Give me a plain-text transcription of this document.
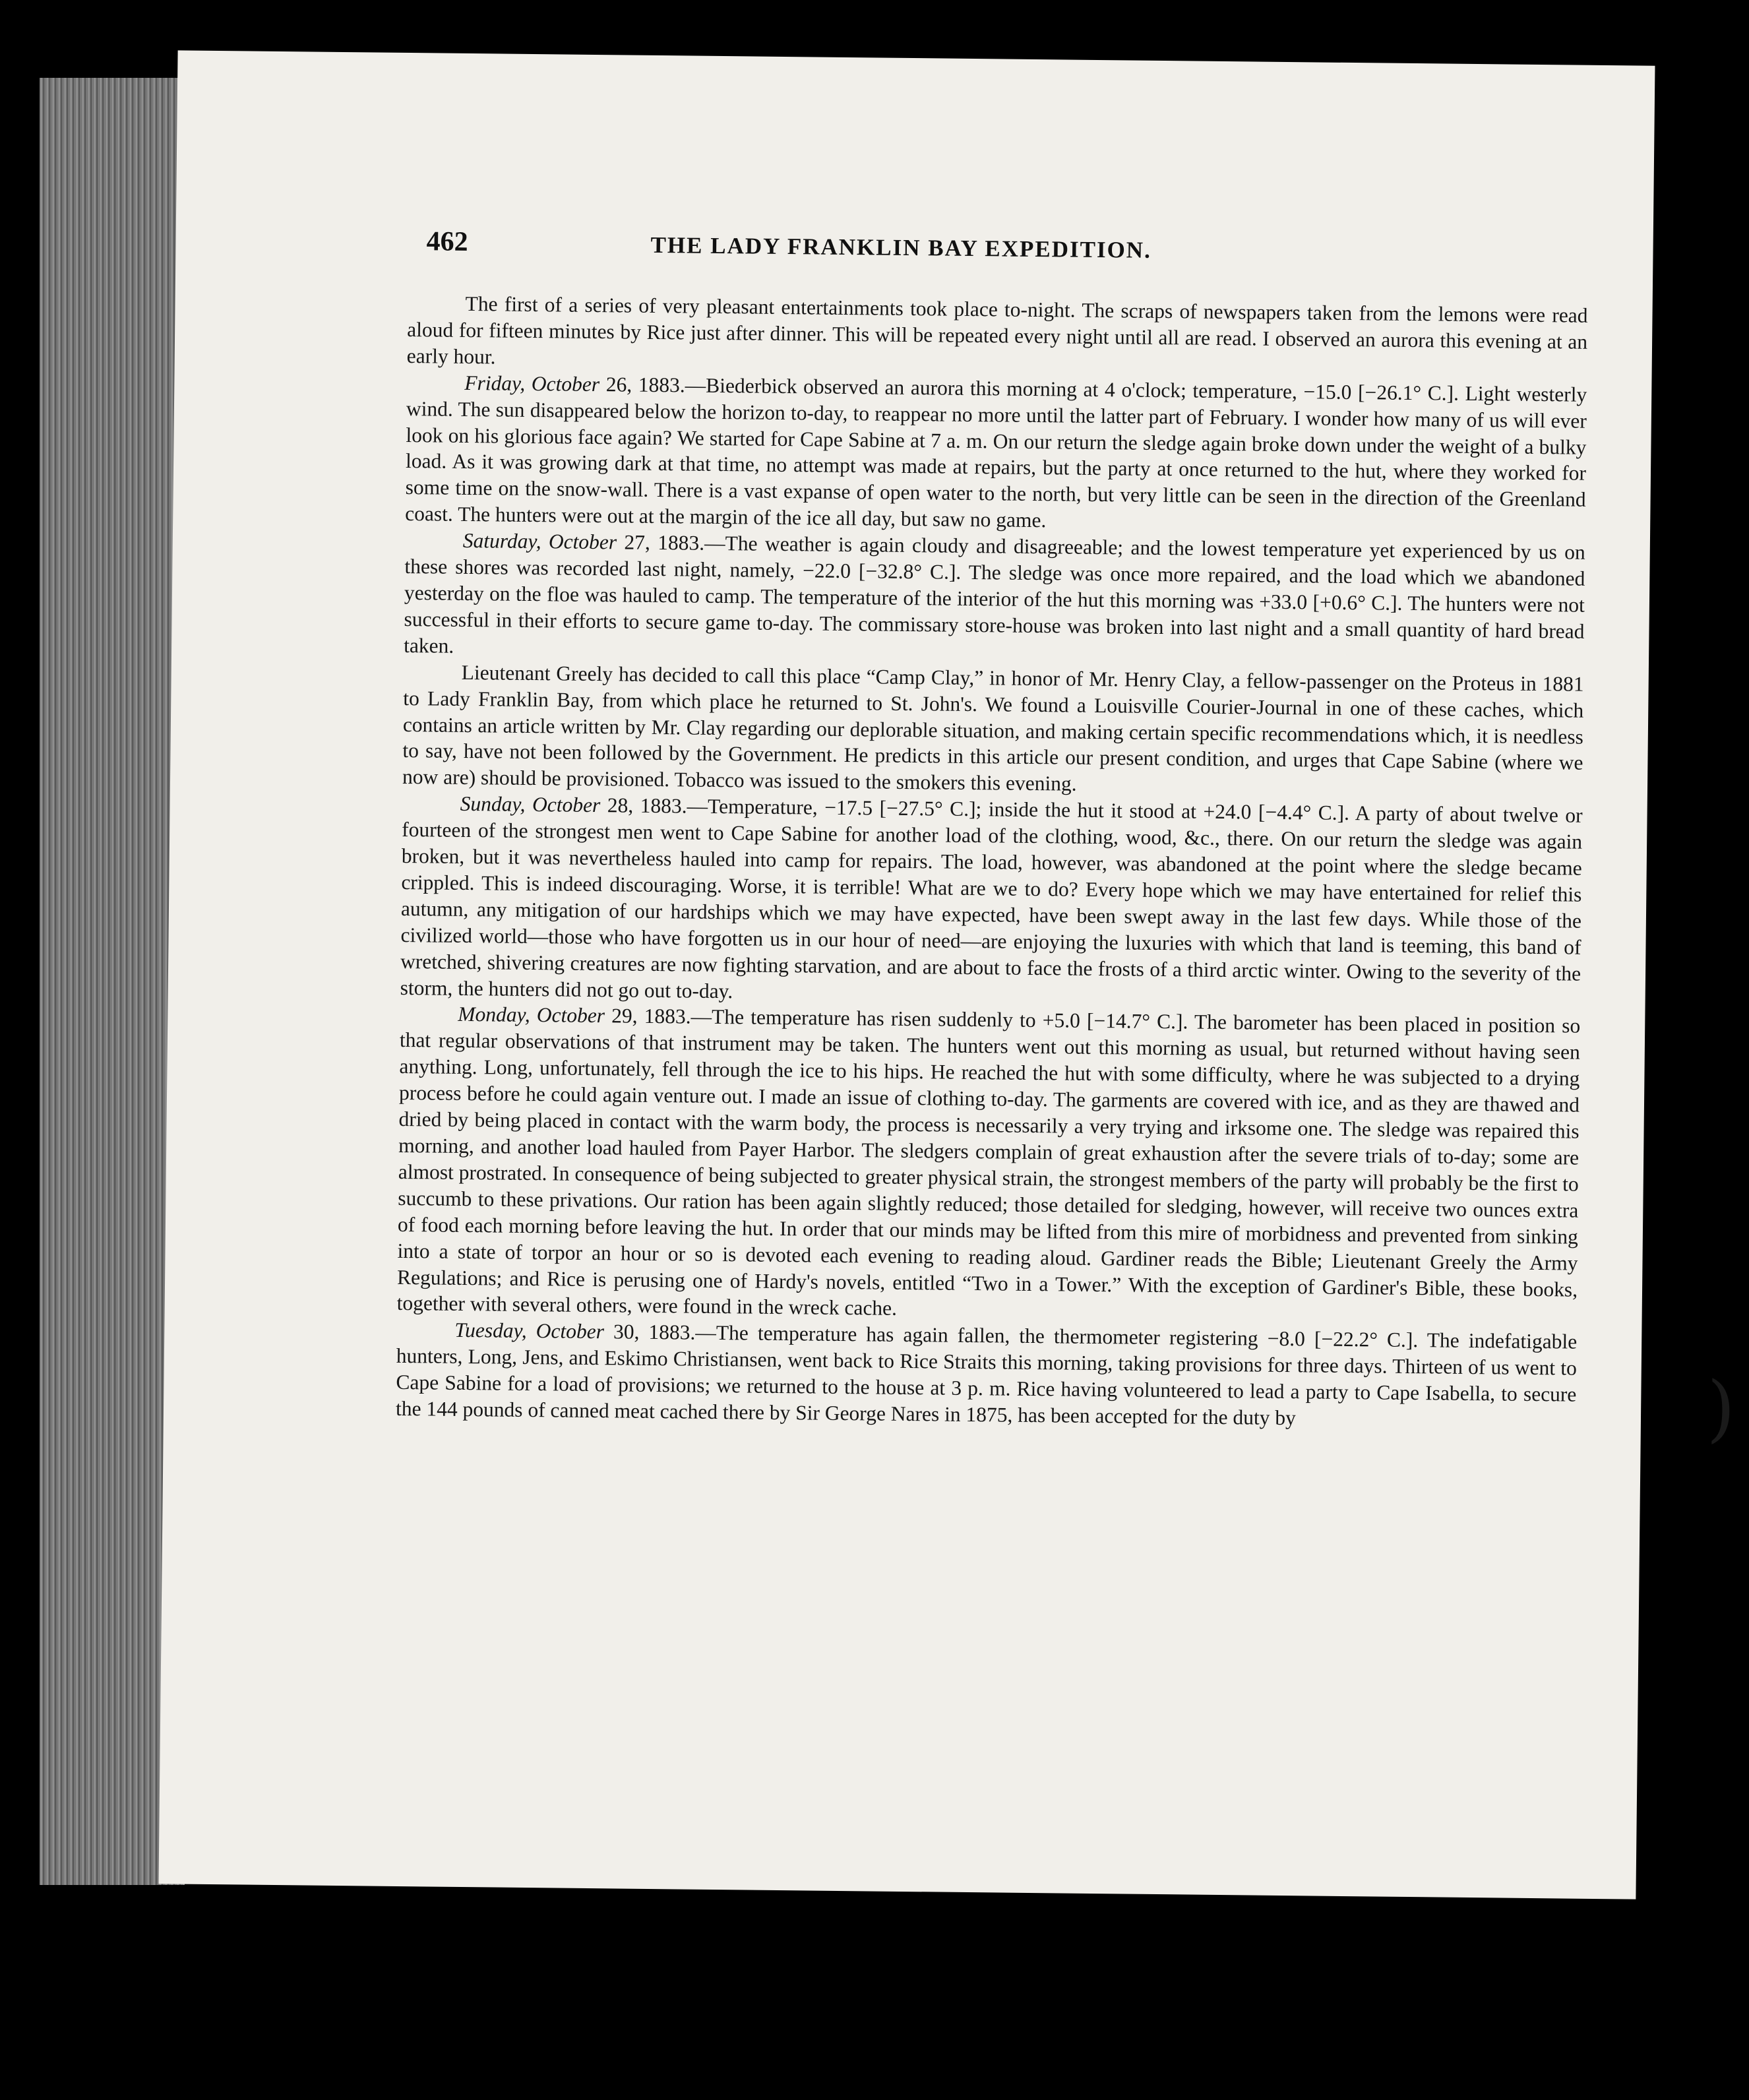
462	THE LADY FRANKLIN BAY EXPEDITION.

The first of a series of very pleasant entertainments took place to-night. The scraps of newspapers taken from the lemons were read aloud for fifteen minutes by Rice just after dinner. This will be repeated every night until all are read. I observed an aurora this evening at an early hour.

Friday, October 26, 1883.—Biederbick observed an aurora this morning at 4 o'clock; temperature, −15.0 [−26.1° C.]. Light westerly wind. The sun disappeared below the horizon to-day, to reappear no more until the latter part of February. I wonder how many of us will ever look on his glorious face again? We started for Cape Sabine at 7 a. m. On our return the sledge again broke down under the weight of a bulky load. As it was growing dark at that time, no attempt was made at repairs, but the party at once returned to the hut, where they worked for some time on the snow-wall. There is a vast expanse of open water to the north, but very little can be seen in the direction of the Greenland coast. The hunters were out at the margin of the ice all day, but saw no game.

Saturday, October 27, 1883.—The weather is again cloudy and disagreeable; and the lowest temperature yet experienced by us on these shores was recorded last night, namely, −22.0 [−32.8° C.]. The sledge was once more repaired, and the load which we abandoned yesterday on the floe was hauled to camp. The temperature of the interior of the hut this morning was +33.0 [+0.6° C.]. The hunters were not successful in their efforts to secure game to-day. The commissary store-house was broken into last night and a small quantity of hard bread taken.

Lieutenant Greely has decided to call this place “Camp Clay,” in honor of Mr. Henry Clay, a fellow-passenger on the Proteus in 1881 to Lady Franklin Bay, from which place he returned to St. John's. We found a Louisville Courier-Journal in one of these caches, which contains an article written by Mr. Clay regarding our deplorable situation, and making certain specific recommendations which, it is needless to say, have not been followed by the Government. He predicts in this article our present condition, and urges that Cape Sabine (where we now are) should be provisioned. Tobacco was issued to the smokers this evening.

Sunday, October 28, 1883.—Temperature, −17.5 [−27.5° C.]; inside the hut it stood at +24.0 [−4.4° C.]. A party of about twelve or fourteen of the strongest men went to Cape Sabine for another load of the clothing, wood, &c., there. On our return the sledge was again broken, but it was nevertheless hauled into camp for repairs. The load, however, was abandoned at the point where the sledge became crippled. This is indeed discouraging. Worse, it is terrible! What are we to do? Every hope which we may have entertained for relief this autumn, any mitigation of our hardships which we may have expected, have been swept away in the last few days. While those of the civilized world—those who have forgotten us in our hour of need—are enjoying the luxuries with which that land is teeming, this band of wretched, shivering creatures are now fighting starvation, and are about to face the frosts of a third arctic winter. Owing to the severity of the storm, the hunters did not go out to-day.

Monday, October 29, 1883.—The temperature has risen suddenly to +5.0 [−14.7° C.]. The barometer has been placed in position so that regular observations of that instrument may be taken. The hunters went out this morning as usual, but returned without having seen anything. Long, unfortunately, fell through the ice to his hips. He reached the hut with some difficulty, where he was subjected to a drying process before he could again venture out. I made an issue of clothing to-day. The garments are covered with ice, and as they are thawed and dried by being placed in contact with the warm body, the process is necessarily a very trying and irksome one. The sledge was repaired this morning, and another load hauled from Payer Harbor. The sledgers complain of great exhaustion after the severe trials of to-day; some are almost prostrated. In consequence of being subjected to greater physical strain, the strongest members of the party will probably be the first to succumb to these privations. Our ration has been again slightly reduced; those detailed for sledging, however, will receive two ounces extra of food each morning before leaving the hut. In order that our minds may be lifted from this mire of morbidness and prevented from sinking into a state of torpor an hour or so is devoted each evening to reading aloud. Gardiner reads the Bible; Lieutenant Greely the Army Regulations; and Rice is perusing one of Hardy's novels, entitled “Two in a Tower.” With the exception of Gardiner's Bible, these books, together with several others, were found in the wreck cache.

Tuesday, October 30, 1883.—The temperature has again fallen, the thermometer registering −8.0 [−22.2° C.]. The indefatigable hunters, Long, Jens, and Eskimo Christiansen, went back to Rice Straits this morning, taking provisions for three days. Thirteen of us went to Cape Sabine for a load of provisions; we returned to the house at 3 p. m. Rice having volunteered to lead a party to Cape Isabella, to secure the 144 pounds of canned meat cached there by Sir George Nares in 1875, has been accepted for the duty by	)
